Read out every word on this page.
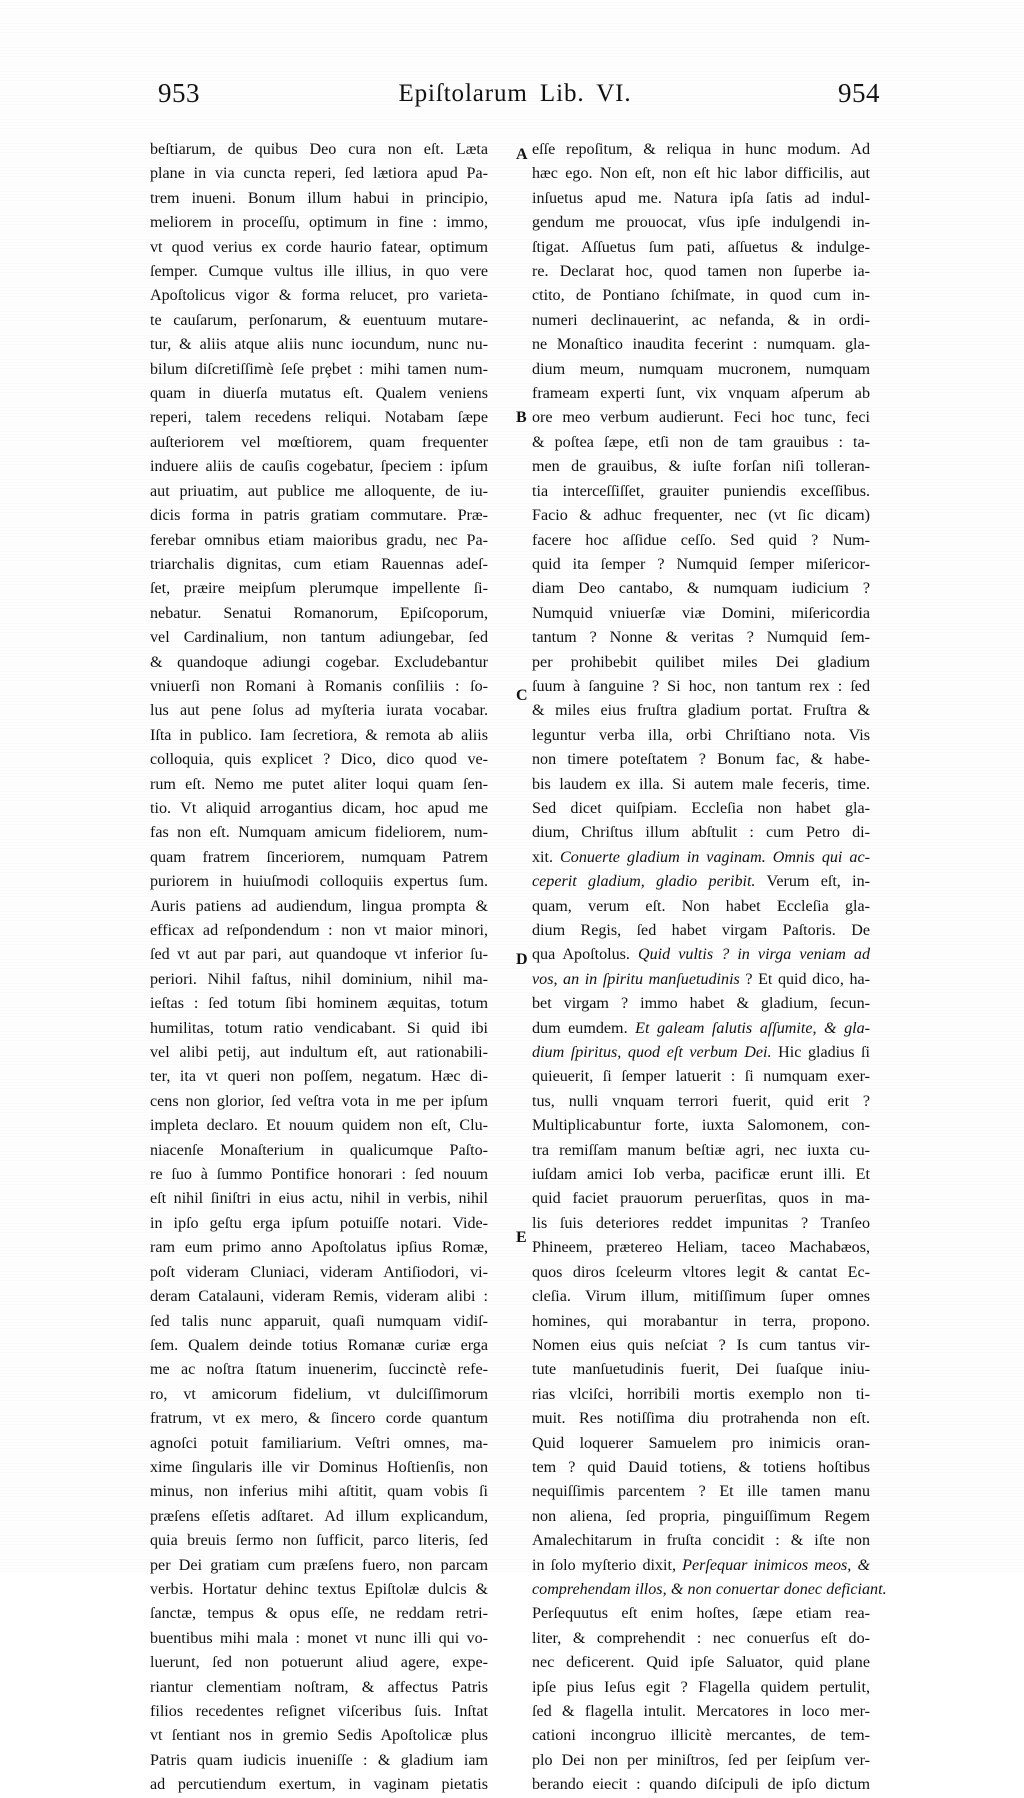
953	Epiſtolarum Lib. VI.	954

beſtiarum, de quibus Deo cura non eſt. Læta
plane in via cuncta reperi, ſed lætiora apud Pa-
trem inueni. Bonum illum habui in principio,
meliorem in proceſſu, optimum in fine : immo,
vt quod verius ex corde haurio fatear, optimum
ſemper. Cumque vultus ille illius, in quo vere
Apoſtolicus vigor & forma relucet, pro varieta-
te cauſarum, perſonarum, & euentuum mutare-
tur, & aliis atque aliis nunc iocundum, nunc nu-
bilum diſcretiſſimè ſeſe prȩbet : mihi tamen num-
quam in diuerſa mutatus eſt. Qualem veniens
reperi, talem recedens reliqui. Notabam ſæpe
auſteriorem vel mœſtiorem, quam frequenter
induere aliis de cauſis cogebatur, ſpeciem : ipſum
aut priuatim, aut publice me alloquente, de iu-
dicis forma in patris gratiam commutare. Præ-
ferebar omnibus etiam maioribus gradu, nec Pa-
triarchalis dignitas, cum etiam Rauennas adeſ-
ſet, præire meipſum plerumque impellente ſi-
nebatur. Senatui Romanorum, Epiſcoporum,
vel Cardinalium, non tantum adiungebar, ſed
& quandoque adiungi cogebar. Excludebantur
vniuerſi non Romani à Romanis conſiliis : ſo-
lus aut pene ſolus ad myſteria iurata vocabar.
Iſta in publico. Iam ſecretiora, & remota ab aliis
colloquia, quis explicet ? Dico, dico quod ve-
rum eſt. Nemo me putet aliter loqui quam ſen-
tio. Vt aliquid arrogantius dicam, hoc apud me
fas non eſt. Numquam amicum fideliorem, num-
quam fratrem ſinceriorem, numquam Patrem
puriorem in huiuſmodi colloquiis expertus ſum.
Auris patiens ad audiendum, lingua prompta &
efficax ad reſpondendum : non vt maior minori,
ſed vt aut par pari, aut quandoque vt inferior ſu-
periori. Nihil faſtus, nihil dominium, nihil ma-
ieſtas : ſed totum ſibi hominem æquitas, totum
humilitas, totum ratio vendicabant. Si quid ibi
vel alibi petij, aut indultum eſt, aut rationabili-
ter, ita vt queri non poſſem, negatum. Hæc di-
cens non glorior, ſed veſtra vota in me per ipſum
impleta declaro. Et nouum quidem non eſt, Clu-
niacenſe Monaſterium in qualicumque Paſto-
re ſuo à ſummo Pontifice honorari : ſed nouum
eſt nihil ſiniſtri in eius actu, nihil in verbis, nihil
in ipſo geſtu erga ipſum potuiſſe notari. Vide-
ram eum primo anno Apoſtolatus ipſius Romæ,
poſt videram Cluniaci, videram Antiſiodori, vi-
deram Catalauni, videram Remis, videram alibi :
ſed talis nunc apparuit, quaſi numquam vidiſ-
ſem. Qualem deinde totius Romanæ curiæ erga
me ac noſtra ſtatum inuenerim, ſuccinctè refe-
ro, vt amicorum fidelium, vt dulciſſimorum
fratrum, vt ex mero, & ſincero corde quantum
agnoſci potuit familiarium. Veſtri omnes, ma-
xime ſingularis ille vir Dominus Hoſtienſis, non
minus, non inferius mihi aſtitit, quam vobis ſi
præſens eſſetis adſtaret. Ad illum explicandum,
quia breuis ſermo non ſufficit, parco literis, ſed
per Dei gratiam cum præſens fuero, non parcam
verbis. Hortatur dehinc textus Epiſtolæ dulcis &
ſanctæ, tempus & opus eſſe, ne reddam retri-
buentibus mihi mala : monet vt nunc illi qui vo-
luerunt, ſed non potuerunt aliud agere, expe-
riantur clementiam noſtram, & affectus Patris
filios recedentes reſignet viſceribus ſuis. Inſtat
vt ſentiant nos in gremio Sedis Apoſtolicæ plus
Patris quam iudicis inueniſſe : & gladium iam
ad percutiendum exertum, in vaginam pietatis

eſſe repoſitum, & reliqua in hunc modum. Ad
hæc ego. Non eſt, non eſt hic labor difficilis, aut
inſuetus apud me. Natura ipſa ſatis ad indul-
gendum me prouocat, vſus ipſe indulgendi in-
ſtigat. Aſſuetus ſum pati, aſſuetus & indulge-
re. Declarat hoc, quod tamen non ſuperbe ia-
ctito, de Pontiano ſchiſmate, in quod cum in-
numeri declinauerint, ac nefanda, & in ordi-
ne Monaſtico inaudita fecerint : numquam. gla-
dium meum, numquam mucronem, numquam
frameam experti ſunt, vix vnquam aſperum ab
ore meo verbum audierunt. Feci hoc tunc, feci
& poſtea ſæpe, etſi non de tam grauibus : ta-
men de grauibus, & iuſte forſan niſi tolleran-
tia interceſſiſſet, grauiter puniendis exceſſibus.
Facio & adhuc frequenter, nec (vt ſic dicam)
facere hoc aſſidue ceſſo. Sed quid ? Num-
quid ita ſemper ? Numquid ſemper miſericor-
diam Deo cantabo, & numquam iudicium ?
Numquid vniuerſæ viæ Domini, miſericordia
tantum ? Nonne & veritas ? Numquid ſem-
per prohibebit quilibet miles Dei gladium
ſuum à ſanguine ? Si hoc, non tantum rex : ſed
& miles eius fruſtra gladium portat. Fruſtra &
leguntur verba illa, orbi Chriſtiano nota. Vis
non timere poteſtatem ? Bonum fac, & habe-
bis laudem ex illa. Si autem male feceris, time.
Sed dicet quiſpiam. Eccleſia non habet gla-
dium, Chriſtus illum abſtulit : cum Petro di-
xit. Conuerte gladium in vaginam. Omnis qui ac-
ceperit gladium, gladio peribit. Verum eſt, in-
quam, verum eſt. Non habet Eccleſia gla-
dium Regis, ſed habet virgam Paſtoris. De
qua Apoſtolus. Quid vultis ? in virga veniam ad
vos, an in ſpiritu manſuetudinis ? Et quid dico, ha-
bet virgam ? immo habet & gladium, ſecun-
dum eumdem. Et galeam ſalutis aſſumite, & gla-
dium ſpiritus, quod eſt verbum Dei. Hic gladius ſi
quieuerit, ſi ſemper latuerit : ſi numquam exer-
tus, nulli vnquam terrori fuerit, quid erit ?
Multiplicabuntur forte, iuxta Salomonem, con-
tra remiſſam manum beſtiæ agri, nec iuxta cu-
iuſdam amici Iob verba, pacificæ erunt illi. Et
quid faciet prauorum peruerſitas, quos in ma-
lis ſuis deteriores reddet impunitas ? Tranſeo
Phineem, prætereo Heliam, taceo Machabæos,
quos diros ſceleurm vltores legit & cantat Ec-
cleſia. Virum illum, mitiſſimum ſuper omnes
homines, qui morabantur in terra, propono.
Nomen eius quis neſciat ? Is cum tantus vir-
tute manſuetudinis fuerit, Dei ſuaſque iniu-
rias vlciſci, horribili mortis exemplo non ti-
muit. Res notiſſima diu protrahenda non eſt.
Quid loquerer Samuelem pro inimicis oran-
tem ? quid Dauid totiens, & totiens hoſtibus
nequiſſimis parcentem ? Et ille tamen manu
non aliena, ſed propria, pinguiſſimum Regem
Amalechitarum in fruſta concidit : & iſte non
in ſolo myſterio dixit, Perſequar inimicos meos, &
comprehendam illos, & non conuertar donec deficiant.
Perſequutus eſt enim hoſtes, ſæpe etiam rea-
liter, & comprehendit : nec conuerſus eſt do-
nec deficerent. Quid ipſe Saluator, quid plane
ipſe pius Ieſus egit ? Flagella quidem pertulit,
ſed & flagella intulit. Mercatores in loco mer-
cationi incongruo illicitè mercantes, de tem-
plo Dei non per miniſtros, ſed per ſeipſum ver-
berando eiecit : quando diſcipuli de ipſo dictum

A
B
C
D
E
